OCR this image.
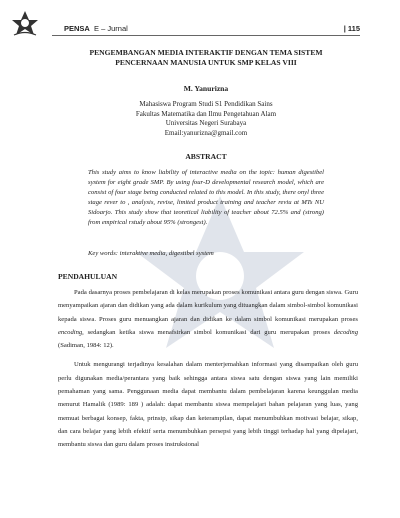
PENSA E – Jurnal	| 115
PENGEMBANGAN MEDIA INTERAKTIF DENGAN TEMA SISTEM
PENCERNAAN MANUSIA UNTUK SMP KELAS VIII
M. Yanurizna
Mahasiswa Program Studi S1 Pendidikan Sains
Fakultas Matematika dan Ilmu Pengetahuan Alam
Universitas Negeri Surabaya
Email:yanurizna@gmail.com
ABSTRACT
This study aims to know liability of interactive media on the topic: human digestibel system for eight grade SMP. By using four-D developmental research model, which are consist of four stage being conducted related to this model. In this study, there onyl three stage rever to , analysis, revise, limited product training and teacher reviu at MTs NU Sidoarjo. This study show that teoretical liability of teacher about 72.5% and (strong) from empirical rstudy about 95% (strongest).
Key words: interaktive media, digestibel system
PENDAHULUAN

Pada dasarnya proses pembelajaran di kelas merupakan proses komunikasi antara guru dengan siswa. Guru menyampaikan ajaran dan didikan yang ada dalam kurikulum yang dituangkan dalam simbol-simbol komunikasi kepada siswa. Proses guru menuangkan ajaran dan didikan ke dalam simbol komunikasi merupakan proses encoding, sedangkan ketika siswa menafsirkan simbol komunikasi dari guru merupakan proses decoding (Sadiman, 1984: 12).

Untuk mengurangi terjadinya kesalahan dalam menterjemahkan informasi yang disampaikan oleh guru perlu digunakan media/perantara yang baik sehingga antara siswa satu dengan siswa yang lain memiliki pemahaman yang sama. Penggunaan media dapat membantu dalam pembelajaran karena keunggulan media menurut Hamalik (1989: 189 ) adalah: dapat membantu siswa mempelajari bahan pelajaran yang luas, yang memuat berbagai konsep, fakta, prinsip, sikap dan keterampilan, dapat menumbuhkan motivasi belajar, sikap, dan cara belajar yang lebih efektif serta menumbuhkan persepsi yang lebih tinggi terhadap hal yang dipelajari, membantu siswa dan guru dalam proses instruksional
